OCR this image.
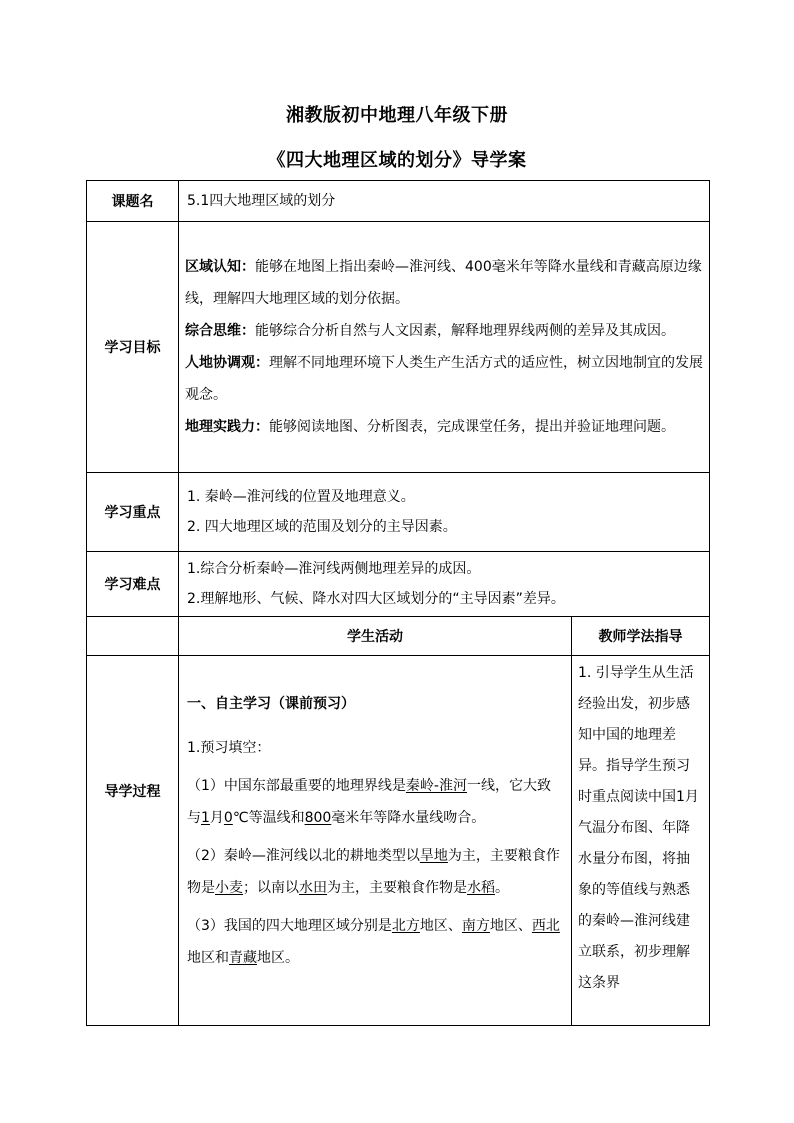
湘教版初中地理八年级下册
《四大地理区域的划分》导学案
课题名	5.1四大地理区域的划分	
学习目标	区域认知：能够在地图上指出秦岭—淮河线、400毫米年等降水量线和青藏高原边缘线，理解四大地理区域的划分依据。

综合思维：能够综合分析自然与人文因素，解释地理界线两侧的差异及其成因。

人地协调观：理解不同地理环境下人类生产生活方式的适应性，树立因地制宜的发展观念。

地理实践力：能够阅读地图、分析图表，完成课堂任务，提出并验证地理问题。	

学习重点	1. 秦岭—淮河线的位置及地理意义。

2. 四大地理区域的范围及划分的主导因素。	

学习难点	1.综合分析秦岭—淮河线两侧地理差异的成因。

2.理解地形、气候、降水对四大区域划分的“主导因素”差异。	

	学生活动	教师学法指导
导学过程	一、自主学习（课前预习）
1.预习填空：
（1）中国东部最重要的地理界线是秦岭-淮河一线，它大致与1月0℃等温线和800毫米年等降水量线吻合。
（2）秦岭—淮河线以北的耕地类型以旱地为主，主要粮食作物是小麦；以南以水田为主，主要粮食作物是水稻。
（3）我国的四大地理区域分别是北方地区、南方地区、西北地区和青藏地区。	1. 引导学生从生活经验出发，初步感知中国的地理差异。指导学生预习时重点阅读中国1月气温分布图、年降水量分布图，将抽象的等值线与熟悉的秦岭—淮河线建立联系，初步理解这条界
